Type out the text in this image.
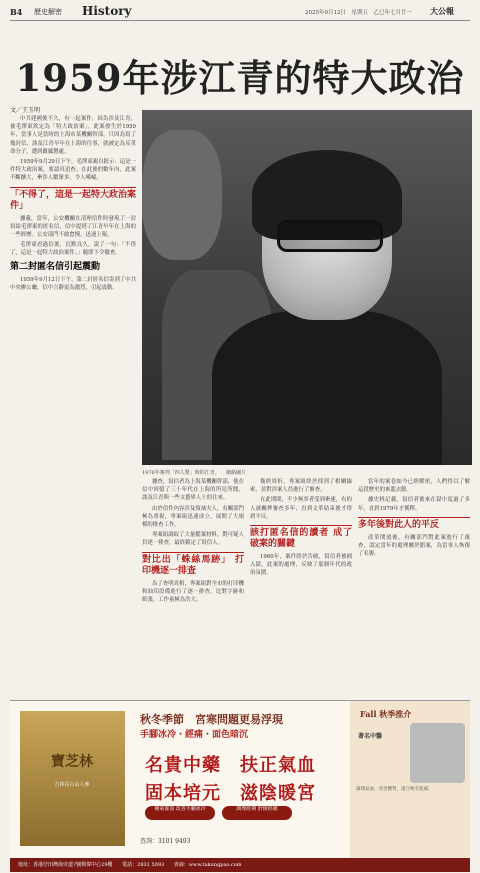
B4 歷史解密 History	2025年9月12日　星期五　乙巳年七月廿一 大公報
1959年涉江青的特大政治
文／王玉明

中共建國後不久，有一起案件，因為涉及江青，被毛澤東欽定為「特大政治案」。此案發生於1959年，當事人是當時的上海市某機關幹部，只因為寫了幾封信、談及江青早年在上海的往事，就被定為反革命分子，遭到嚴厲懲處。

1959年9月29日下午，毛澤東親自批示：這是一件特大政治案，要認真追查。在此後的數年內，此案不斷擴大，牽涉人數眾多，令人唏噓。

「不得了，這是一起特大政治案件」

據載，當年，公安機關在清理信件時發現了一封寫給毛澤東的匿名信，信中提到了江青早年在上海的一些經歷。公安部門不敢怠慢，迅速上報。

毛澤東看過信後，沉默良久，說了一句：「不得了，這是一起特大政治案件。」隨即下令徹查。

第二封匿名信引起震動

1959年9月12日下午，第二封匿名信寄到了中共中央辦公廳，信中言辭更為激烈，引起震動。

1976年審判「四人幫」時的江青。    網絡圖片

據查，寫信者為上海某機關幹部，他在信中回憶了三十年代在上海的所見所聞，談及江青與一些文藝界人士的往來。

由於信件內容涉及領袖夫人，有關部門極為重視，專案組迅速成立，展開了大規模的排查工作。

專案組調取了大量檔案材料，對可疑人員逐一排查，最終鎖定了寫信人。

對比出「蛛絲馬跡」 打印機逐一排查

為了查明真相，專案組對全市的打印機和油印設備進行了逐一排查，比對字跡和紙張，工作量極為浩大。

幾經周折，專案組終於找到了相關線索，並對涉案人員進行了審查。

在此期間，不少無辜者受到牽連，有的人被關押審查多年，直到文革結束後才得到平反。

該打匿名信的讀者 成了破案的關鍵

1960年，案件終於告破，寫信者被捕入獄。此案的處理，反映了那個年代的政治氛圍。

當年的案卷如今已經解密，人們得以了解這段歷史的來龍去脈。

據史料記載，寫信者後來在獄中度過了多年，直到1979年才獲釋。

多年後對此人的平反

改革開放後，有關部門對此案進行了複查，認定當年的處理屬於錯案，為當事人恢復了名譽。

寶芝林
吉林長白山人參
秋冬季節　宮寒問題更易浮現
手腳冰冷・經痛・面色暗沉
名貴中藥　扶正氣血
固本培元　滋陰暖宮
補氣養血 改善手腳冰冷	調理經期 舒緩經痛
查詢：3101 9493
Fall 秋季推介
著名中醫
調理氣血，改善體質，適合秋冬進補。
地址：香港仔田灣海旁道7號興偉中心29樓 電話：2831 5093 查詢：www.takungpao.com
